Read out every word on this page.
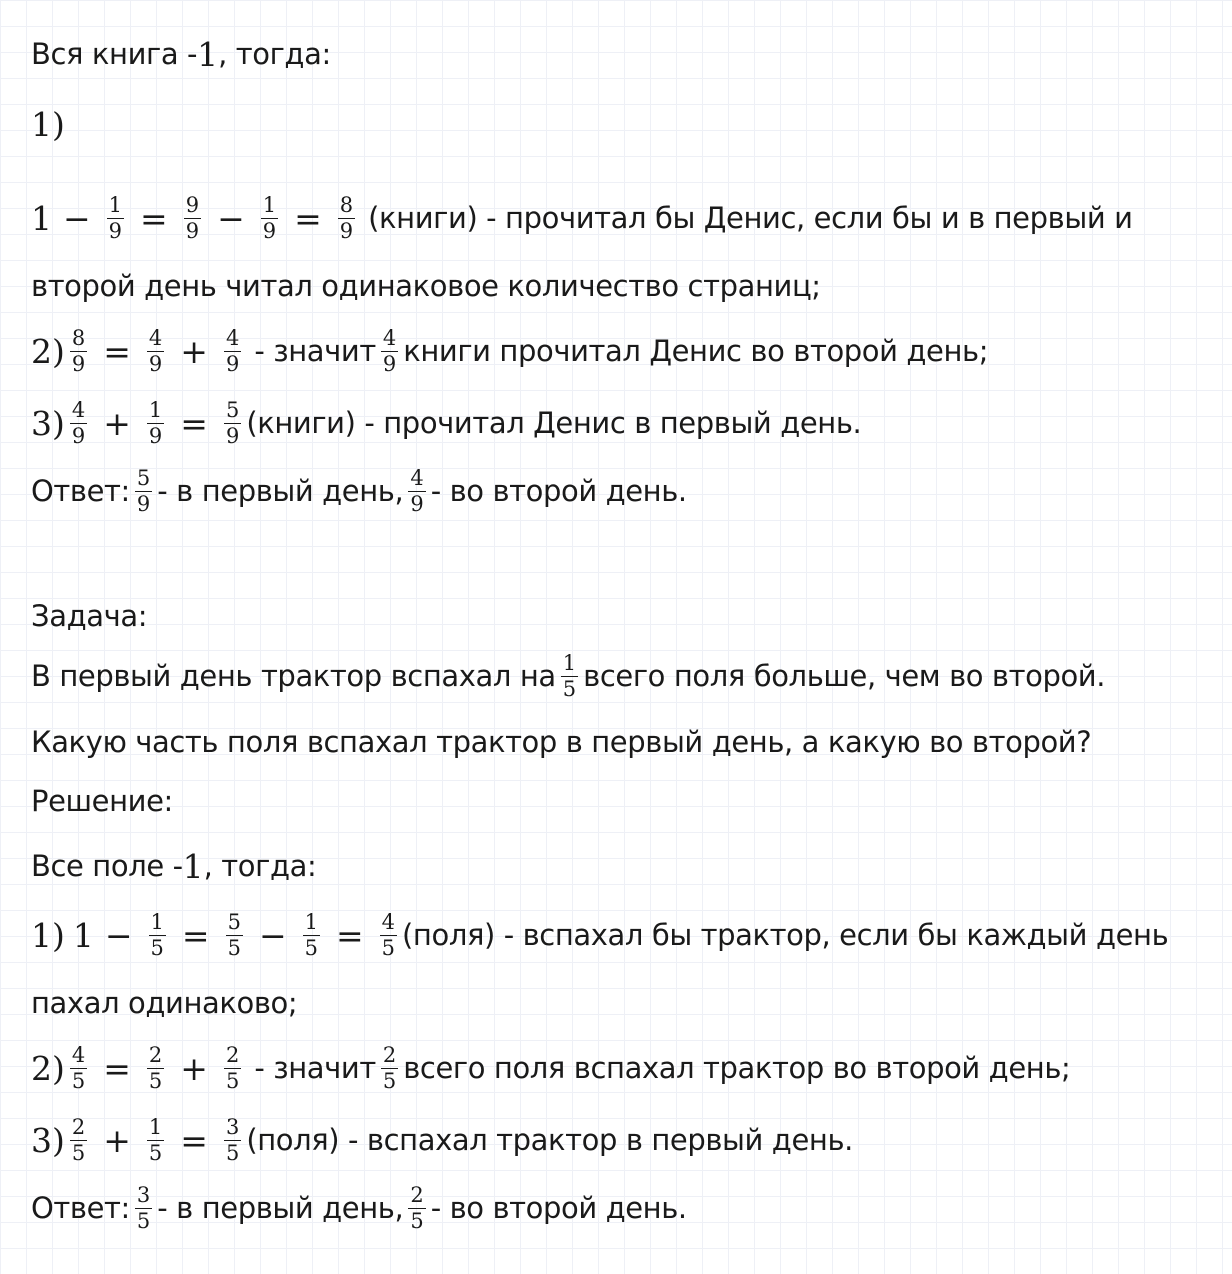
Вся книга - 1 , тогда:
1)
$1 - \frac{1}{9} = \frac{9}{9} - \frac{1}{9} = \frac{8}{9}$ (книги) - прочитал бы Денис, если бы и в первый и
второй день читал одинаковое количество страниц;
$2) \frac{8}{9} = \frac{4}{9} + \frac{4}{9}$ - значит $\frac{4}{9}$ книги прочитал Денис во второй день;
$3) \frac{4}{9} + \frac{1}{9} = \frac{5}{9}$ (книги) - прочитал Денис в первый день.
Ответ: $\frac{5}{9}$ - в первый день, $\frac{4}{9}$ - во второй день.
Задача:
В первый день трактор вспахал на $\frac{1}{5}$ всего поля больше, чем во второй.
Какую часть поля вспахал трактор в первый день, а какую во второй?
Решение:
Все поле - 1 , тогда:
1) $1 - \frac{1}{5} = \frac{5}{5} - \frac{1}{5} = \frac{4}{5}$ (поля) - вспахал бы трактор, если бы каждый день
пахал одинаково;
$2) \frac{4}{5} = \frac{2}{5} + \frac{2}{5}$ - значит $\frac{2}{5}$ всего поля вспахал трактор во второй день;
$3) \frac{2}{5} + \frac{1}{5} = \frac{3}{5}$ (поля) - вспахал трактор в первый день.
Ответ: $\frac{3}{5}$ - в первый день, $\frac{2}{5}$ - во второй день.
